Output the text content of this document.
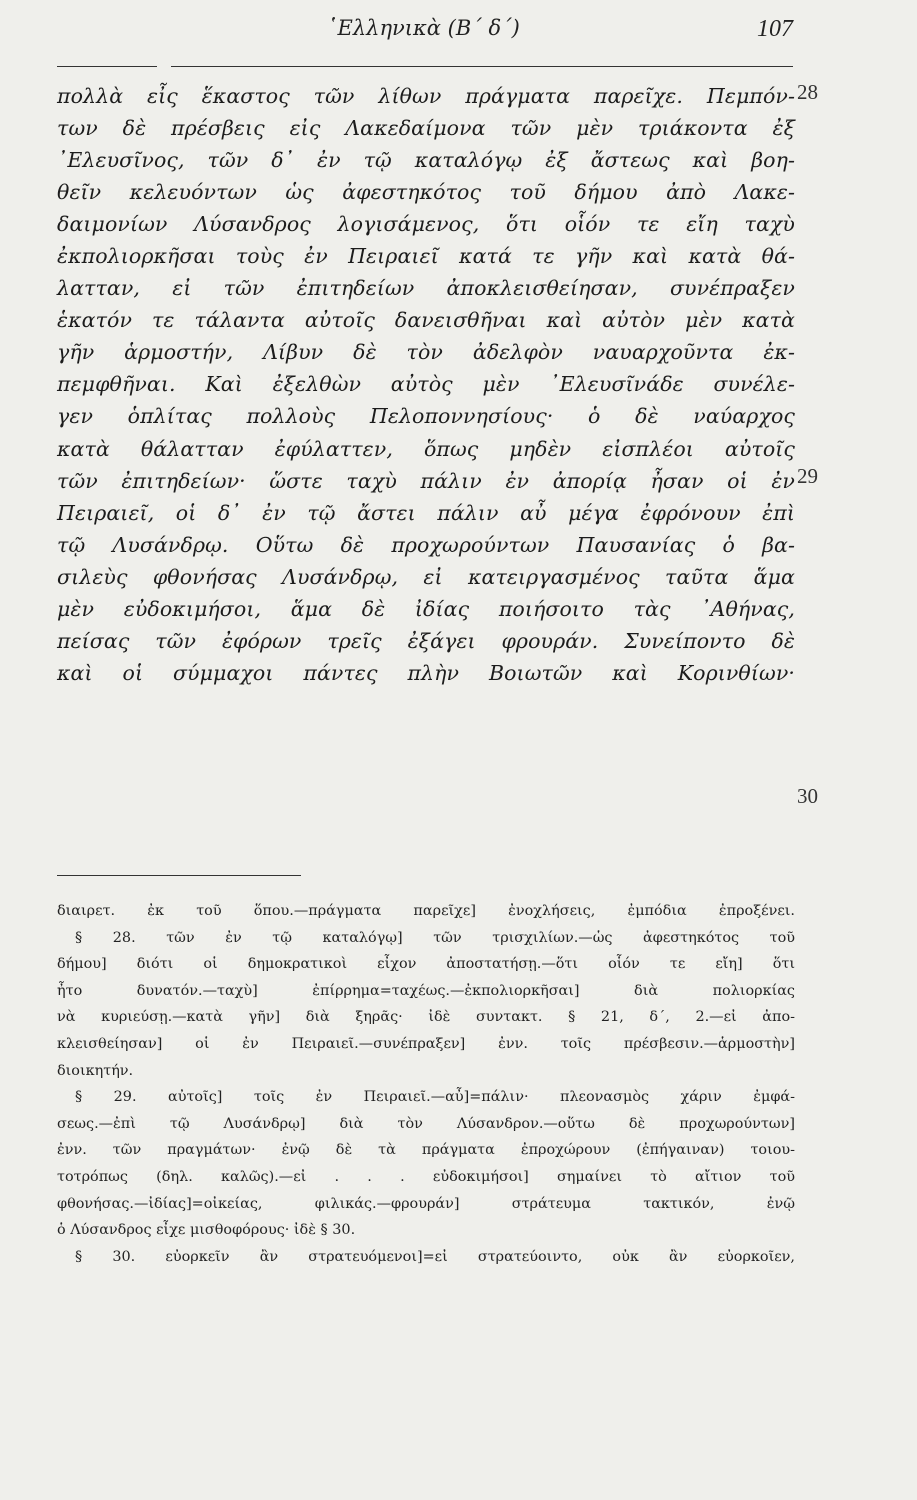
῾Ελληνικὰ (Β΄ δ΄)	107
πολλὰ εἶς ἕκαστος τῶν λίθων πράγματα παρεῖχε. Πεμπόν-
των δὲ πρέσβεις εἰς Λακεδαίμονα τῶν μὲν τριάκοντα ἐξ
᾿Ελευσῖνος, τῶν δ᾿ ἐν τῷ καταλόγῳ ἐξ ἄστεως καὶ βοη-
θεῖν κελευόντων ὡς ἀφεστηκότος τοῦ δήμου ἀπὸ Λακε-
δαιμονίων Λύσανδρος λογισάμενος, ὅτι οἷόν τε εἴη ταχὺ
ἐκπολιορκῆσαι τοὺς ἐν Πειραιεῖ κατά τε γῆν καὶ κατὰ θά-
λατταν, εἰ τῶν ἐπιτηδείων ἀποκλεισθείησαν, συνέπραξεν
ἑκατόν τε τάλαντα αὐτοῖς δανεισθῆναι καὶ αὐτὸν μὲν κατὰ
γῆν ἁρμοστήν, Λίβυν δὲ τὸν ἀδελφὸν ναυαρχοῦντα ἐκ-
πεμφθῆναι. Καὶ ἐξελθὼν αὐτὸς μὲν ᾿Ελευσῖνάδε συνέλε-
γεν ὁπλίτας πολλοὺς Πελοποννησίους· ὁ δὲ ναύαρχος
κατὰ θάλατταν ἐφύλαττεν, ὅπως μηδὲν εἰσπλέοι αὐτοῖς
τῶν ἐπιτηδείων· ὥστε ταχὺ πάλιν ἐν ἀπορίᾳ ἦσαν οἱ ἐν
Πειραιεῖ, οἱ δ᾿ ἐν τῷ ἄστει πάλιν αὖ μέγα ἐφρόνουν ἐπὶ
τῷ Λυσάνδρῳ. Οὕτω δὲ προχωρούντων Παυσανίας ὁ βα-
σιλεὺς φθονήσας Λυσάνδρῳ, εἰ κατειργασμένος ταῦτα ἅμα
μὲν εὐδοκιμήσοι, ἅμα δὲ ἰδίας ποιήσοιτο τὰς ᾿Αθήνας,
πείσας τῶν ἐφόρων τρεῖς ἐξάγει φρουράν. Συνείποντο δὲ
καὶ οἱ σύμμαχοι πάντες πλὴν Βοιωτῶν καὶ Κορινθίων·
28
29
30
διαιρετ. ἐκ τοῦ ὅπου.—πράγματα παρεῖχε] ἐνοχλήσεις, ἐμπόδια ἐπροξένει.
§ 28. τῶν ἐν τῷ καταλόγῳ] τῶν τρισχιλίων.—ὡς ἀφεστηκότος τοῦ
δήμου] διότι οἱ δημοκρατικοὶ εἶχον ἀποστατήσῃ.—ὅτι οἷόν τε εἴη] ὅτι
ἦτο δυνατόν.—ταχὺ] ἐπίρρημα=ταχέως.—ἐκπολιορκῆσαι] διὰ πολιορκίας
νὰ κυριεύσῃ.—κατὰ γῆν] διὰ ξηρᾶς· ἰδὲ συντακτ. § 21, δ΄, 2.—εἰ ἀπο-
κλεισθείησαν] οἱ ἐν Πειραιεῖ.—συνέπραξεν] ἐνν. τοῖς πρέσβεσιν.—ἁρμοστὴν]
διοικητήν.
§ 29. αὐτοῖς] τοῖς ἐν Πειραιεῖ.—αὖ]=πάλιν· πλεονασμὸς χάριν ἐμφά-
σεως.—ἐπὶ τῷ Λυσάνδρῳ] διὰ τὸν Λύσανδρον.—οὕτω δὲ προχωρούντων]
ἐνν. τῶν πραγμάτων· ἐνῷ δὲ τὰ πράγματα ἐπροχώρουν (ἐπήγαιναν) τοιου-
τοτρόπως (δηλ. καλῶς).—εἰ . . . εὐδοκιμήσοι] σημαίνει τὸ αἴτιον τοῦ
φθονήσας.—ἰδίας]=οἰκείας, φιλικάς.—φρουράν] στράτευμα τακτικόν, ἐνῷ
ὁ Λύσανδρος εἶχε μισθοφόρους· ἰδὲ § 30.
§ 30. εὐορκεῖν ἂν στρατευόμενοι]=εἰ στρατεύοιντο, οὐκ ἂν εὐορκοῖεν,
